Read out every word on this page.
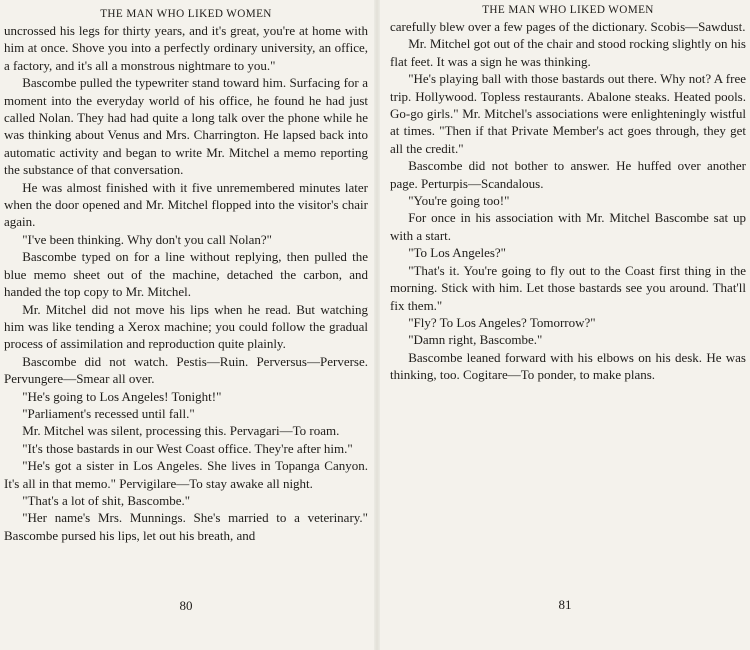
THE MAN WHO LIKED WOMEN

uncrossed his legs for thirty years, and it's great, you're at home with him at once. Shove you into a perfectly ordinary university, an office, a factory, and it's all a monstrous nightmare to you."

Bascombe pulled the typewriter stand toward him. Surfacing for a moment into the everyday world of his office, he found he had just called Nolan. They had had quite a long talk over the phone while he was thinking about Venus and Mrs. Charrington. He lapsed back into automatic activity and began to write Mr. Mitchel a memo reporting the substance of that conversation.

He was almost finished with it five unremembered minutes later when the door opened and Mr. Mitchel flopped into the visitor's chair again.

"I've been thinking. Why don't you call Nolan?"

Bascombe typed on for a line without replying, then pulled the blue memo sheet out of the machine, detached the carbon, and handed the top copy to Mr. Mitchel.

Mr. Mitchel did not move his lips when he read. But watching him was like tending a Xerox machine; you could follow the gradual process of assimilation and reproduction quite plainly.

Bascombe did not watch. Pestis—Ruin. Perversus—Perverse. Pervungere—Smear all over.

"He's going to Los Angeles! Tonight!"

"Parliament's recessed until fall."

Mr. Mitchel was silent, processing this. Pervagari—To roam.

"It's those bastards in our West Coast office. They're after him."

"He's got a sister in Los Angeles. She lives in Topanga Canyon. It's all in that memo." Pervigilare—To stay awake all night.

"That's a lot of shit, Bascombe."

"Her name's Mrs. Munnings. She's married to a veterinary." Bascombe pursed his lips, let out his breath, and

80
THE MAN WHO LIKED WOMEN

carefully blew over a few pages of the dictionary. Scobis—Sawdust.

Mr. Mitchel got out of the chair and stood rocking slightly on his flat feet. It was a sign he was thinking.

"He's playing ball with those bastards out there. Why not? A free trip. Hollywood. Topless restaurants. Abalone steaks. Heated pools. Go-go girls." Mr. Mitchel's associations were enlighteningly wistful at times. "Then if that Private Member's act goes through, they get all the credit."

Bascombe did not bother to answer. He huffed over another page. Perturpis—Scandalous.

"You're going too!"

For once in his association with Mr. Mitchel Bascombe sat up with a start.

"To Los Angeles?"

"That's it. You're going to fly out to the Coast first thing in the morning. Stick with him. Let those bastards see you around. That'll fix them."

"Fly? To Los Angeles? Tomorrow?"

"Damn right, Bascombe."

Bascombe leaned forward with his elbows on his desk. He was thinking, too. Cogitare—To ponder, to make plans.

81
